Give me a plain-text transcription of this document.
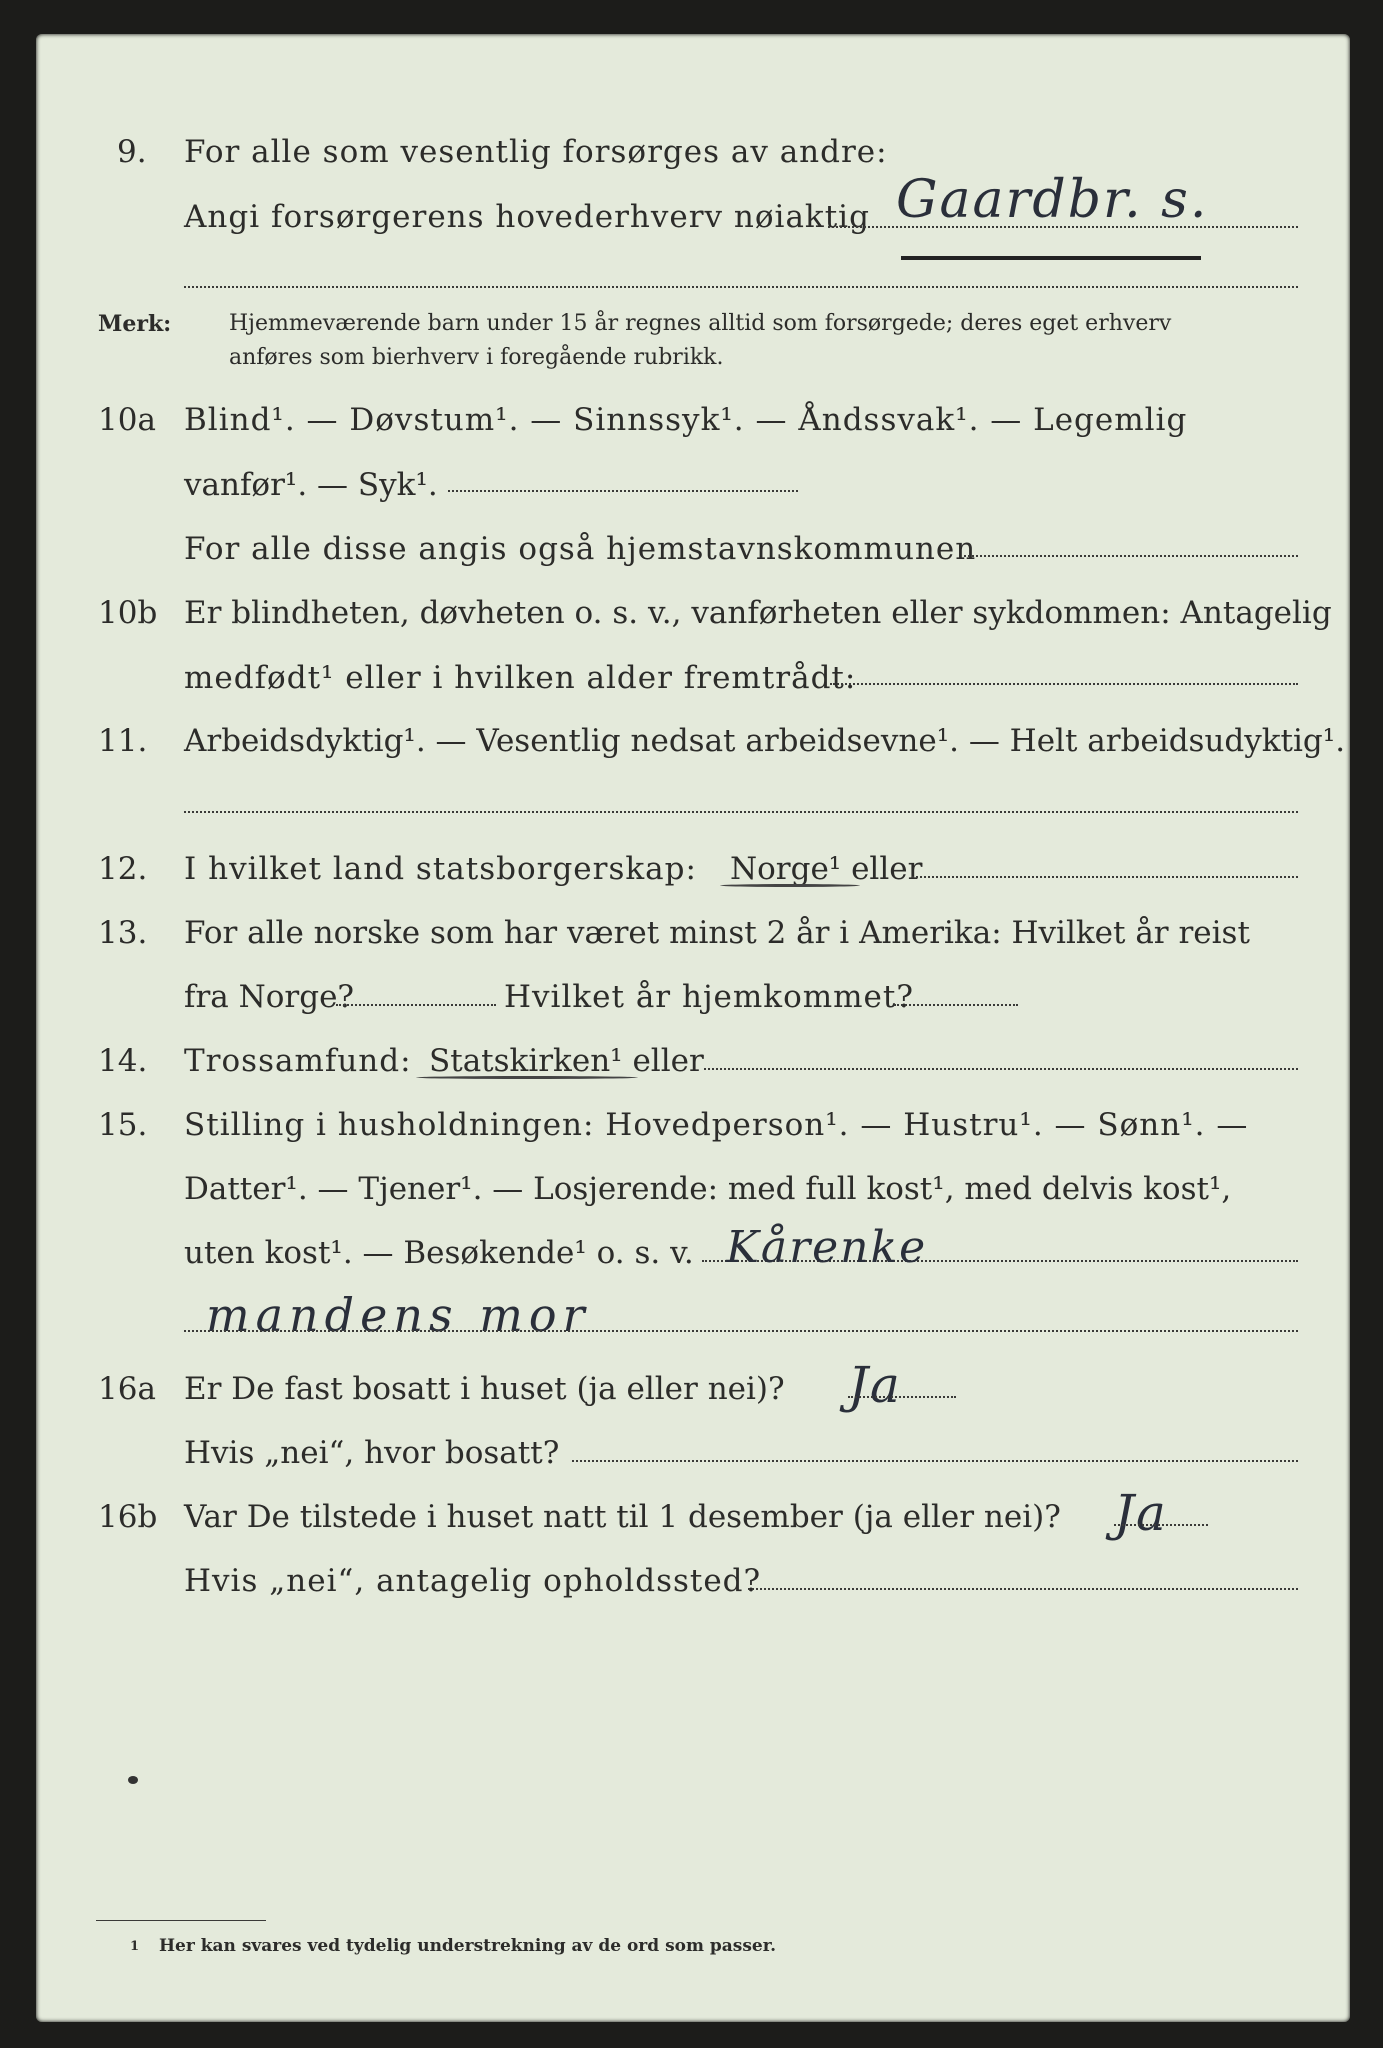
9. For alle som vesentlig forsørges av andre:
Angi forsørgerens hovederhverv nøiaktig Gaardbr. s.
Merk:	Hjemmeværende barn under 15 år regnes alltid som forsørgede; deres eget erhverv
anføres som bierhverv i foregående rubrikk.
10a Blind¹. — Døvstum¹. — Sinnssyk¹. — Åndssvak¹. — Legemlig
vanfør¹. — Syk¹.
For alle disse angis også hjemstavnskommunen
10b Er blindheten, døvheten o. s. v., vanførheten eller sykdommen: Antagelig
medfødt¹ eller i hvilken alder fremtrådt:
11. Arbeidsdyktig¹. — Vesentlig nedsat arbeidsevne¹. — Helt arbeidsudyktig¹.
12. I hvilket land statsborgerskap: Norge¹ eller
13. For alle norske som har været minst 2 år i Amerika: Hvilket år reist
fra Norge?	Hvilket år hjemkommet?
14. Trossamfund: Statskirken¹ eller
15. Stilling i husholdningen: Hovedperson¹. — Hustru¹. — Sønn¹. —
Datter¹. — Tjener¹. — Losjerende: med full kost¹, med delvis kost¹,
uten kost¹. — Besøkende¹ o. s. v. Kårenke
mandens mor
16a Er De fast bosatt i huset (ja eller nei)? Ja
Hvis „nei“, hvor bosatt?
16b Var De tilstede i huset natt til 1 desember (ja eller nei)? Ja
Hvis „nei“, antagelig opholdssted?
1 Her kan svares ved tydelig understrekning av de ord som passer.
